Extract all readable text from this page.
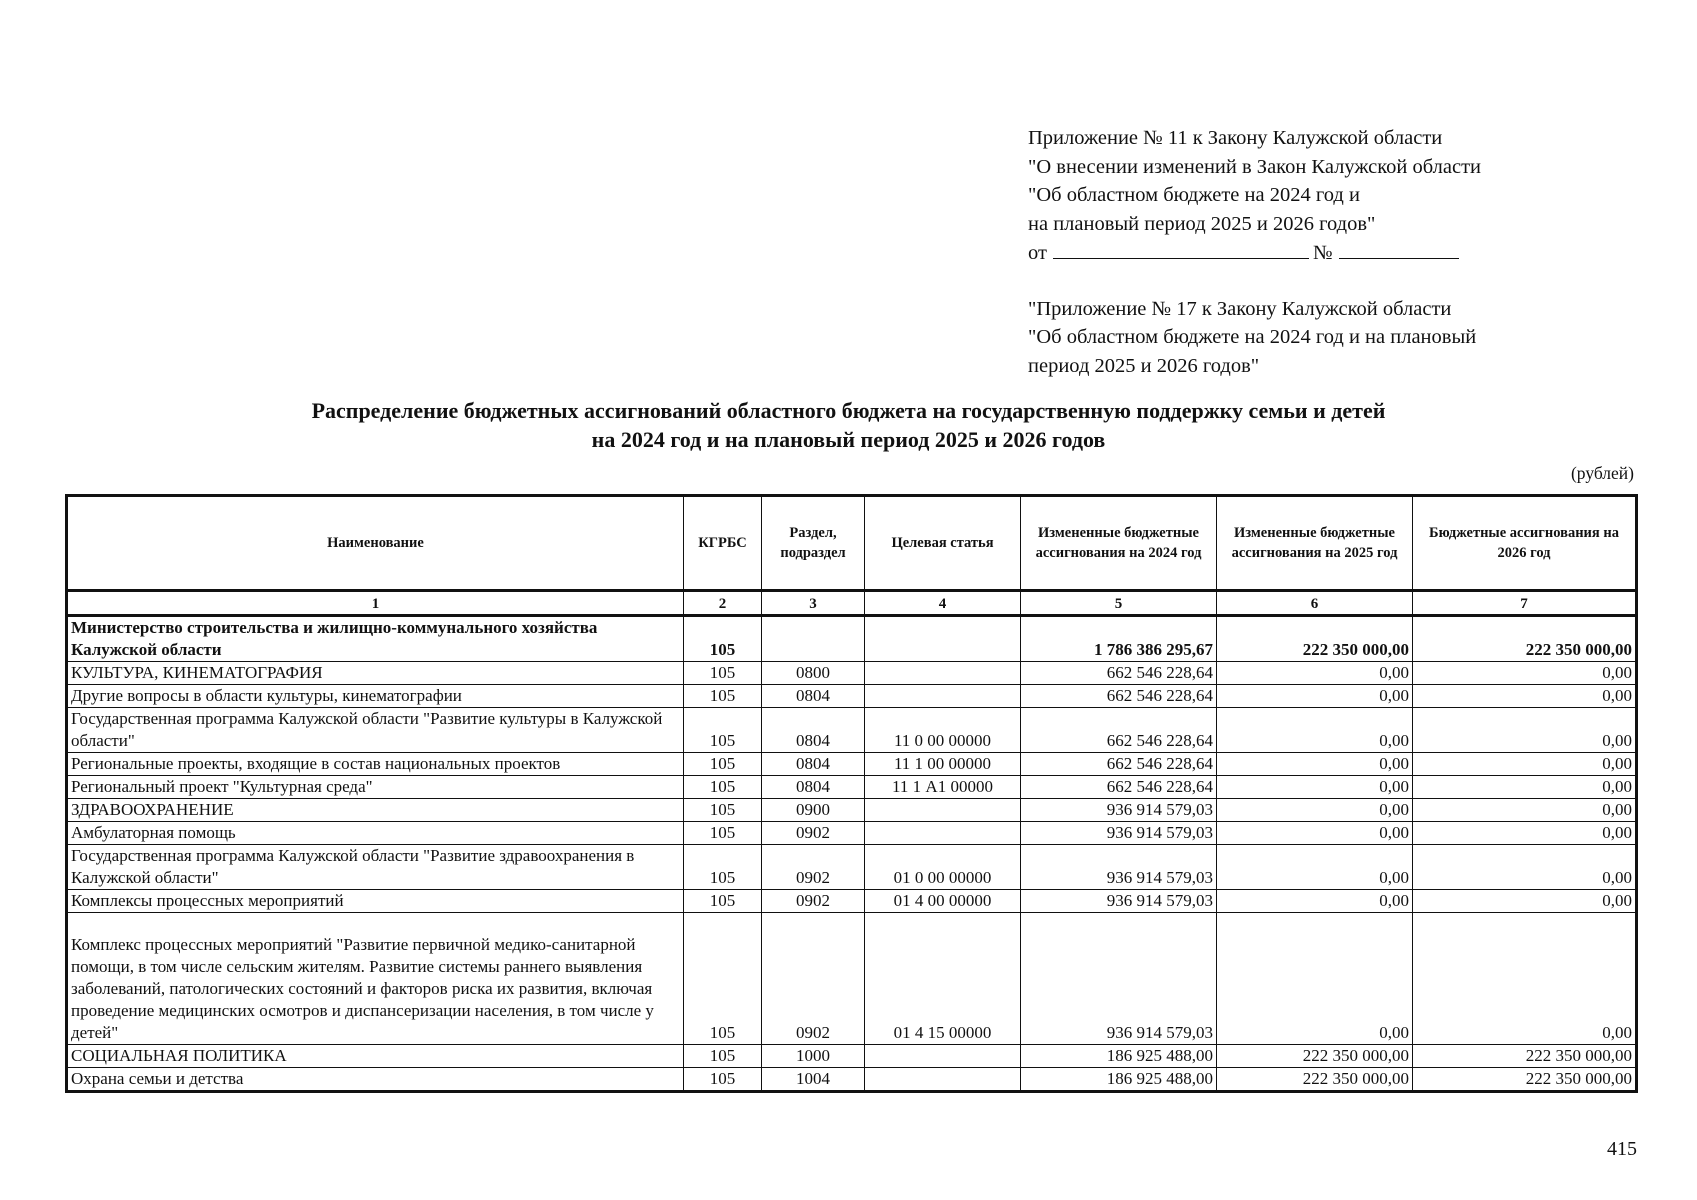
Приложение № 11 к Закону Калужской области
"О внесении изменений в Закон Калужской области
"Об областном бюджете на 2024 год и
на плановый период 2025 и 2026 годов"
от	№
"Приложение № 17 к Закону Калужской области
"Об областном бюджете на 2024 год и на плановый
период 2025 и 2026 годов"
Распределение бюджетных ассигнований областного бюджета на государственную поддержку семьи и детей
на 2024 год и на плановый период 2025 и 2026 годов
(рублей)
Наименование	КГРБС	Раздел, подраздел	Целевая статья	Измененные бюджетные ассигнования на 2024 год	Измененные бюджетные ассигнования на 2025 год	Бюджетные ассигнования на 2026 год
1	2	3	4	5	6	7
Министерство строительства и жилищно-коммунального хозяйства Калужской области	105			1 786 386 295,67	222 350 000,00	222 350 000,00
КУЛЬТУРА, КИНЕМАТОГРАФИЯ	105	0800		662 546 228,64	0,00	0,00
Другие вопросы в области культуры, кинематографии	105	0804		662 546 228,64	0,00	0,00
Государственная программа Калужской области "Развитие культуры в Калужской области"	105	0804	11 0 00 00000	662 546 228,64	0,00	0,00
Региональные проекты, входящие в состав национальных проектов	105	0804	11 1 00 00000	662 546 228,64	0,00	0,00
Региональный проект "Культурная среда"	105	0804	11 1 А1 00000	662 546 228,64	0,00	0,00
ЗДРАВООХРАНЕНИЕ	105	0900		936 914 579,03	0,00	0,00
Амбулаторная помощь	105	0902		936 914 579,03	0,00	0,00
Государственная программа Калужской области "Развитие здравоохранения в Калужской области"	105	0902	01 0 00 00000	936 914 579,03	0,00	0,00
Комплексы процессных мероприятий	105	0902	01 4 00 00000	936 914 579,03	0,00	0,00
Комплекс процессных мероприятий "Развитие первичной медико-санитарной помощи, в том числе сельским жителям. Развитие системы раннего выявления заболеваний, патологических состояний и факторов риска их развития, включая проведение медицинских осмотров и диспансеризации населения, в том числе у детей"	105	0902	01 4 15 00000	936 914 579,03	0,00	0,00
СОЦИАЛЬНАЯ ПОЛИТИКА	105	1000		186 925 488,00	222 350 000,00	222 350 000,00
Охрана семьи и детства	105	1004		186 925 488,00	222 350 000,00	222 350 000,00
415
